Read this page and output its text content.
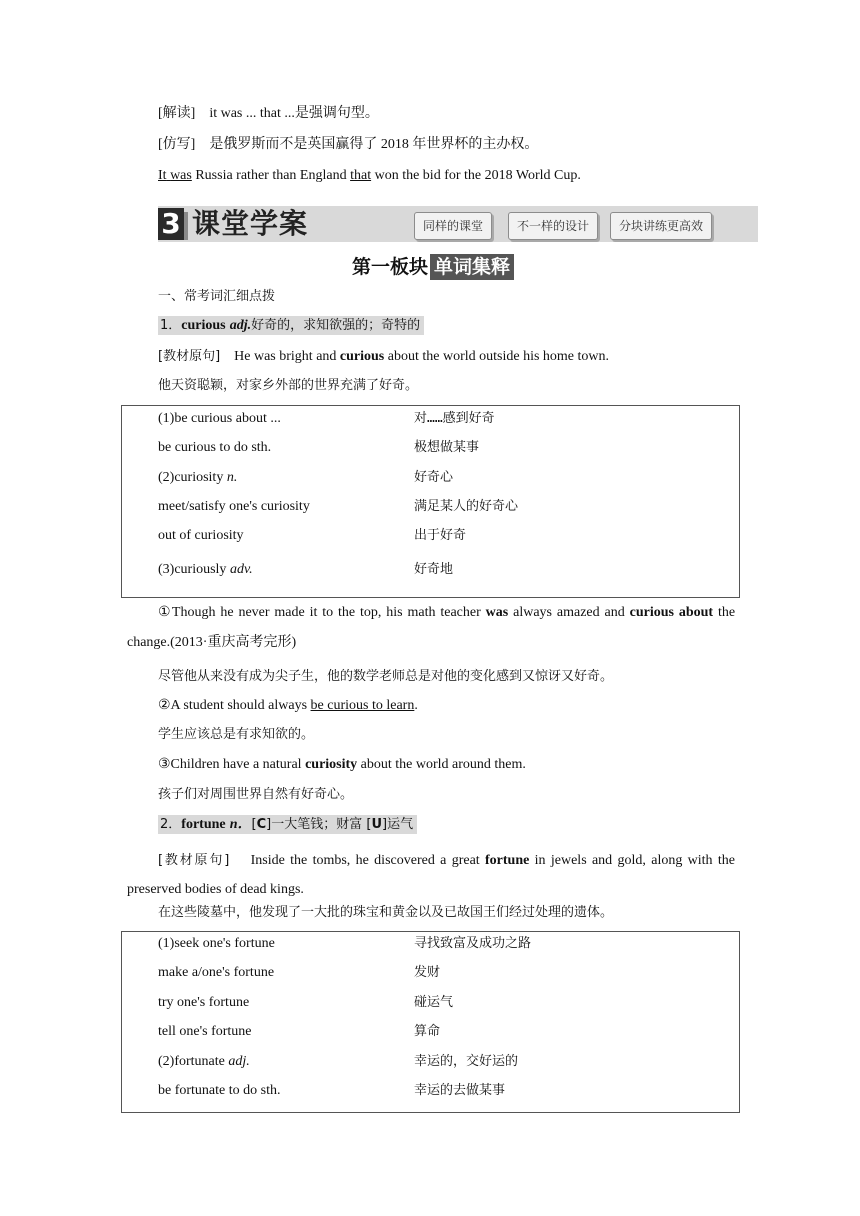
[解读] it was ... that ...是强调句型。
[仿写] 是俄罗斯而不是英国赢得了 2018 年世界杯的主办权。
It was Russia rather than England that won the bid for the 2018 World Cup.
3 课堂学案	同样的课堂	不一样的设计	分块讲练更高效
第一板块 单词集释
一、常考词汇细点拨
1．curious adj.好奇的，求知欲强的；奇特的
[教材原句] He was bright and curious about the world outside his home town.
他天资聪颖，对家乡外部的世界充满了好奇。
(1)be curious about ...	对……感到好奇
be curious to do sth.	极想做某事
(2)curiosity n.	好奇心
meet/satisfy one's curiosity	满足某人的好奇心
out of curiosity	出于好奇
(3)curiously adv.	好奇地
①Though he never made it to the top, his math teacher was always amazed and curious about the change.(2013·重庆高考完形)
尽管他从来没有成为尖子生，他的数学老师总是对他的变化感到又惊讶又好奇。
②A student should always be curious to learn.
学生应该总是有求知欲的。
③Children have a natural curiosity about the world around them.
孩子们对周围世界自然有好奇心。
2．fortune n．[C]一大笔钱；财富 [U]运气
[教材原句] Inside the tombs, he discovered a great fortune in jewels and gold, along with the preserved bodies of dead kings.
在这些陵墓中，他发现了一大批的珠宝和黄金以及已故国王们经过处理的遗体。
(1)seek one's fortune	寻找致富及成功之路
make a/one's fortune	发财
try one's fortune	碰运气
tell one's fortune	算命
(2)fortunate adj.	幸运的，交好运的
be fortunate to do sth.	幸运的去做某事
